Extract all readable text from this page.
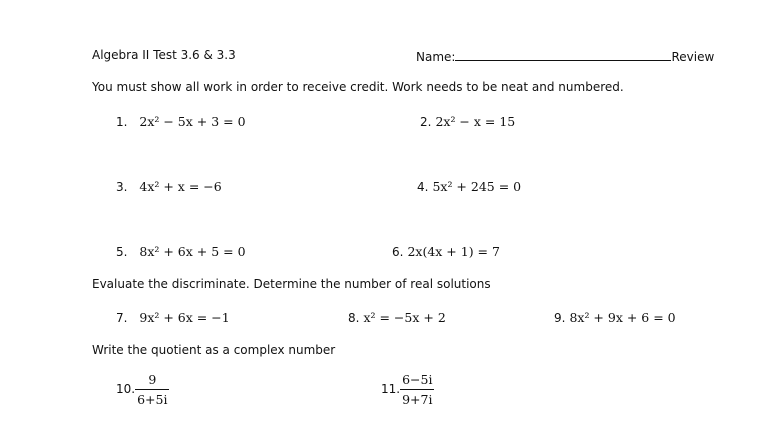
Algebra II Test 3.6 & 3.3	Name:	Review
You must show all work in order to receive credit. Work needs to be neat and numbered.
1. 2x² − 5x + 3 = 0	2. 2x² − x = 15
3. 4x² + x = −6	4. 5x² + 245 = 0
5. 8x² + 6x + 5 = 0	6. 2x(4x + 1) = 7
Evaluate the discriminate. Determine the number of real solutions
7. 9x² + 6x = −1	8. x² = −5x + 2	9. 8x² + 9x + 6 = 0
Write the quotient as a complex number
10. $\frac{9}{6+5i}$	11. $\frac{6-5i}{9+7i}$
